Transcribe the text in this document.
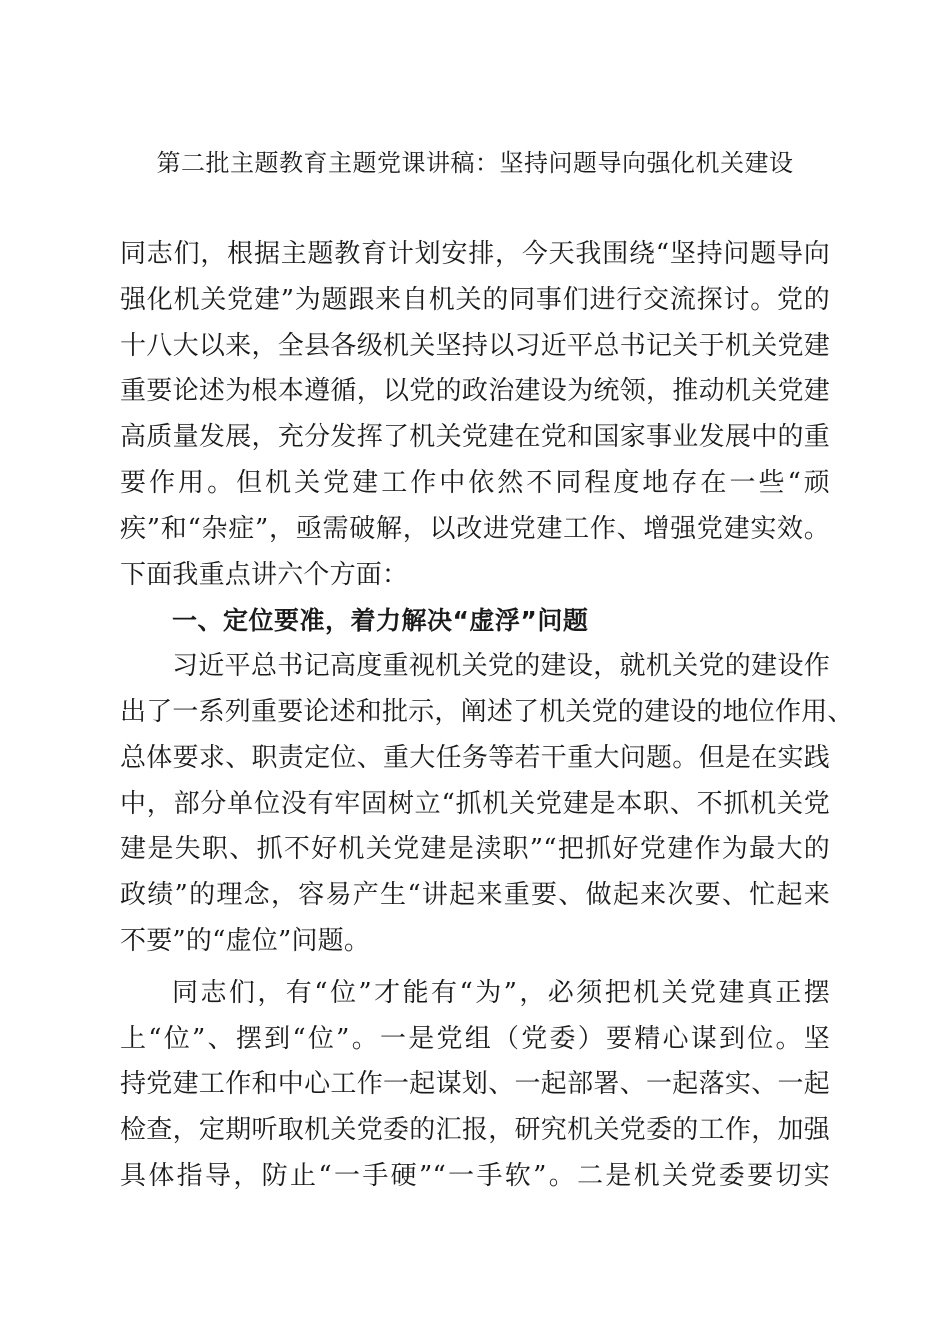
第二批主题教育主题党课讲稿：坚持问题导向强化机关建设
同志们，根据主题教育计划安排，今天我围绕“坚持问题导向
强化机关党建”为题跟来自机关的同事们进行交流探讨。党的
十八大以来，全县各级机关坚持以习近平总书记关于机关党建
重要论述为根本遵循，以党的政治建设为统领，推动机关党建
高质量发展，充分发挥了机关党建在党和国家事业发展中的重
要作用。但机关党建工作中依然不同程度地存在一些“顽
疾”和“杂症”，亟需破解，以改进党建工作、增强党建实效。
下面我重点讲六个方面：
一、定位要准，着力解决“虚浮”问题
习近平总书记高度重视机关党的建设，就机关党的建设作
出了一系列重要论述和批示，阐述了机关党的建设的地位作用、
总体要求、职责定位、重大任务等若干重大问题。但是在实践
中，部分单位没有牢固树立“抓机关党建是本职、不抓机关党
建是失职、抓不好机关党建是渎职”“把抓好党建作为最大的
政绩”的理念，容易产生“讲起来重要、做起来次要、忙起来
不要”的“虚位”问题。
同志们，有“位”才能有“为”，必须把机关党建真正摆
上“位”、摆到“位”。一是党组（党委）要精心谋到位。坚
持党建工作和中心工作一起谋划、一起部署、一起落实、一起
检查，定期听取机关党委的汇报，研究机关党委的工作，加强
具体指导，防止“一手硬”“一手软”。二是机关党委要切实
